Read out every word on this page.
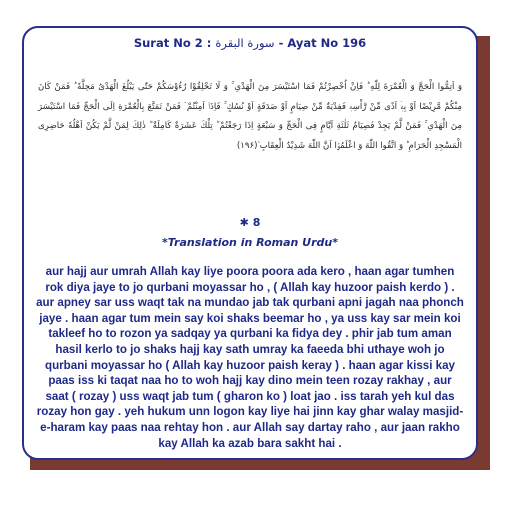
Surat No 2 : سورة البقرة - Ayat No 196
وَ اَتِمُّوا الْحَجَّ وَ الْعُمْرَةَ لِلّٰهِ ؕ فَاِنْ اُحْصِرْتُمْ فَمَا اسْتَیْسَرَ مِنَ الْهَدْیِ ۚ وَ لَا تَحْلِقُوْا رُءُوْسَكُمْ حَتّٰى یَبْلُغَ الْهَدْیُ مَحِلَّهٗ ؕ فَمَنْ كَانَ مِنْكُمْ مَّرِیْضًا اَوْ بِهٖۤ اَذًى مِّنْ رَّاْسِهٖ فَفِدْیَةٌ مِّنْ صِیَامٍ اَوْ صَدَقَةٍ اَوْ نُسُكٍ ۚ فَاِذَاۤ اَمِنْتُمْ ٙ فَمَنْ تَمَتَّعَ بِالْعُمْرَةِ اِلَى الْحَجِّ فَمَا اسْتَیْسَرَ مِنَ الْهَدْیِ ۚ فَمَنْ لَّمْ یَجِدْ فَصِیَامُ ثَلٰثَةِ اَیَّامٍ فِی الْحَجِّ وَ سَبْعَةٍ اِذَا رَجَعْتُمْ ؕ تِلْكَ عَشَرَةٌ كَامِلَةٌ ؕ ذٰلِكَ لِمَنْ لَّمْ یَكُنْ اَهْلُهٗ حَاضِرِی الْمَسْجِدِ الْحَرَامِ ؕ وَ اتَّقُوا اللّٰهَ وَ اعْلَمُوْۤا اَنَّ اللّٰهَ شَدِیْدُ الْعِقَابِ ۧ(۱۹۶)
✱ 8
*Translation in Roman Urdu*
aur hajj aur umrah Allah kay liye poora poora ada kero , haan agar tumhen rok diya jaye to jo qurbani moyassar ho , ( Allah kay huzoor paish kerdo ) . aur apney sar uss waqt tak na mundao jab tak qurbani apni jagah naa phonch jaye . haan agar tum mein say koi shaks beemar ho , ya uss kay sar mein koi takleef ho to rozon ya sadqay ya qurbani ka fidya dey . phir jab tum aman hasil kerlo to jo shaks hajj kay sath umray ka faeeda bhi uthaye woh jo qurbani moyassar ho ( Allah kay huzoor paish keray ) . haan agar kissi kay paas iss ki taqat naa ho to woh hajj kay dino mein teen rozay rakhay , aur saat ( rozay ) uss waqt jab tum ( gharon ko ) loat jao . iss tarah yeh kul das rozay hon gay . yeh hukum unn logon kay liye hai jinn kay ghar walay masjid-e-haram kay paas naa rehtay hon . aur Allah say dartay raho , aur jaan rakho kay Allah ka azab bara sakht hai .
